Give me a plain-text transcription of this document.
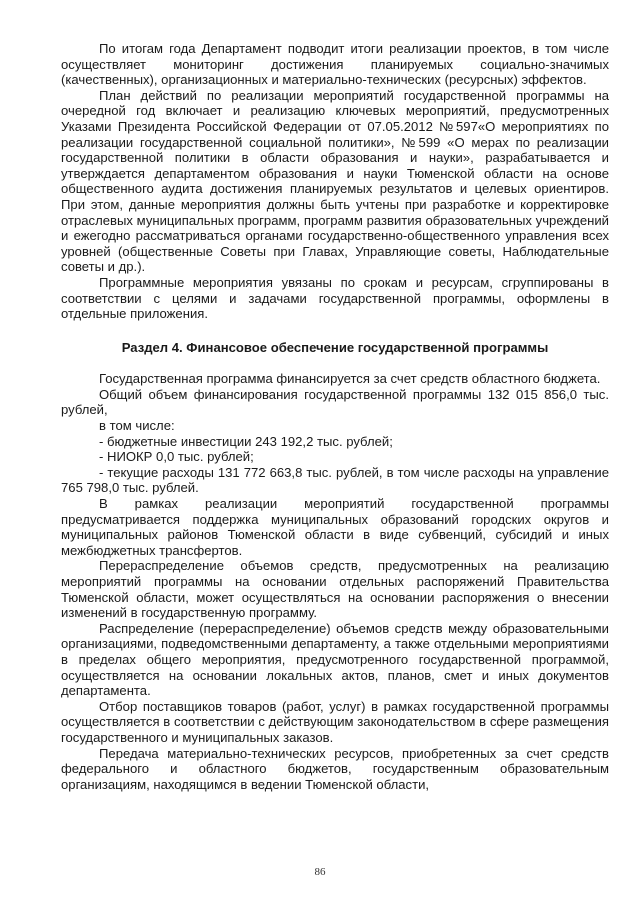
По итогам года Департамент подводит итоги реализации проектов, в том числе осуществляет мониторинг достижения планируемых социально-значимых (качественных), организационных и материально-технических (ресурсных) эффектов.

План действий по реализации мероприятий государственной программы на очередной год включает и реализацию ключевых мероприятий, предусмотренных Указами Президента Российской Федерации от 07.05.2012 №597«О мероприятиях по реализации государственной социальной политики», №599 «О мерах по реализации государственной политики в области образования и науки», разрабатывается и утверждается департаментом образования и науки Тюменской области на основе общественного аудита достижения планируемых результатов и целевых ориентиров. При этом, данные мероприятия должны быть учтены при разработке и корректировке отраслевых муниципальных программ, программ развития образовательных учреждений и ежегодно рассматриваться органами государственно-общественного управления всех уровней (общественные Советы при Главах, Управляющие советы, Наблюдательные советы и др.).

Программные мероприятия увязаны по срокам и ресурсам, сгруппированы в соответствии с целями и задачами государственной программы, оформлены в отдельные приложения.

Раздел 4. Финансовое обеспечение государственной программы

Государственная программа финансируется за счет средств областного бюджета.

Общий объем финансирования государственной программы 132 015 856,0 тыс. рублей,

в том числе:

- бюджетные инвестиции 243 192,2 тыс. рублей;

- НИОКР 0,0 тыс. рублей;

- текущие расходы 131 772 663,8 тыс. рублей, в том числе расходы на управление 765 798,0 тыс. рублей.

В рамках реализации мероприятий государственной программы предусматривается поддержка муниципальных образований городских округов и муниципальных районов Тюменской области в виде субвенций, субсидий и иных межбюджетных трансфертов.

Перераспределение объемов средств, предусмотренных на реализацию мероприятий программы на основании отдельных распоряжений Правительства Тюменской области, может осуществляться на основании распоряжения о внесении изменений в государственную программу.

Распределение (перераспределение) объемов средств между образовательными организациями, подведомственными департаменту, а также отдельными мероприятиями в пределах общего мероприятия, предусмотренного государственной программой, осуществляется на основании локальных актов, планов, смет и иных документов департамента.

Отбор поставщиков товаров (работ, услуг) в рамках государственной программы осуществляется в соответствии с действующим законодательством в сфере размещения государственного и муниципальных заказов.

Передача материально-технических ресурсов, приобретенных за счет средств федерального и областного бюджетов, государственным образовательным организациям, находящимся в ведении Тюменской области,

86
